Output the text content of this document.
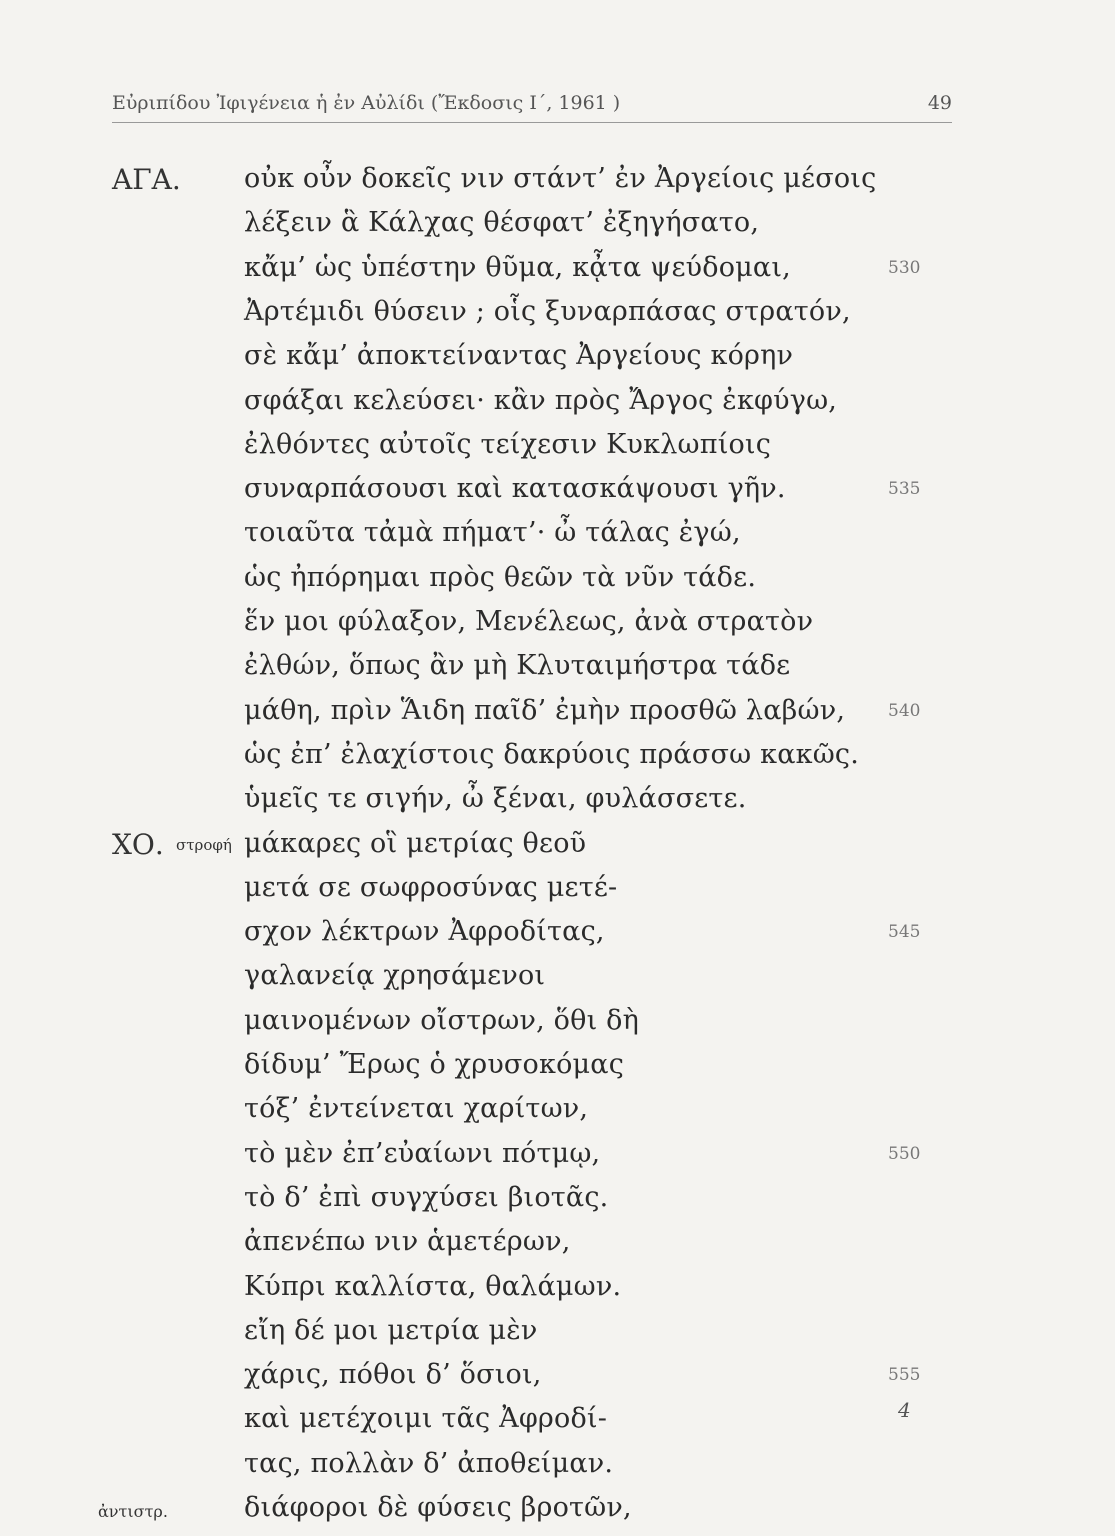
Εὐριπίδου Ἰφιγένεια ἡ ἐν Αὐλίδι (Ἔκδοσις Ι΄, 1961 )	49
ΑΓΑ. οὐκ οὖν δοκεῖς νιν στάντ’ ἐν Ἀργείοις μέσοις
λέξειν ἃ Κάλχας θέσφατ’ ἐξηγήσατο,
κἄμ’ ὡς ὑπέστην θῦμα, κᾆτα ψεύδομαι,	530
Ἀρτέμιδι θύσειν ; οἷς ξυναρπάσας στρατόν,
σὲ κἄμ’ ἀποκτείναντας Ἀργείους κόρην
σφάξαι κελεύσει· κἂν πρὸς Ἄργος ἐκφύγω,
ἐλθόντες αὐτοῖς τείχεσιν Κυκλωπίοις
συναρπάσουσι καὶ κατασκάψουσι γῆν.	535
τοιαῦτα τἀμὰ πήματ’· ὦ τάλας ἐγώ,
ὡς ἠπόρημαι πρὸς θεῶν τὰ νῦν τάδε.
ἕν μοι φύλαξον, Μενέλεως, ἀνὰ στρατὸν
ἐλθών, ὅπως ἂν μὴ Κλυταιμήστρα τάδε
μάθη, πρὶν Ἅιδη παῖδ’ ἐμὴν προσθῶ λαβών,	540
ὡς ἐπ’ ἐλαχίστοις δακρύοις πράσσω κακῶς.
ὑμεῖς τε σιγήν, ὦ ξέναι, φυλάσσετε.
ΧΟ. στροφή μάκαρες οἳ μετρίας θεοῦ
μετά σε σωφροσύνας μετέ-
σχον λέκτρων Ἀφροδίτας,	545
γαλανείᾳ χρησάμενοι
μαινομένων οἴστρων, ὅθι δὴ
δίδυμ’ Ἔρως ὁ χρυσοκόμας
τόξ’ ἐντείνεται χαρίτων,
τὸ μὲν ἐπ’εὐαίωνι πότμῳ,	550
τὸ δ’ ἐπὶ συγχύσει βιοτᾶς.
ἀπενέπω νιν ἁμετέρων,
Κύπρι καλλίστα, θαλάμων.
εἴη δέ μοι μετρία μὲν
χάρις, πόθοι δ’ ὅσιοι,	555
καὶ μετέχοιμι τᾶς Ἀφροδί-
τας, πολλὰν δ’ ἀποθείμαν.
ἀντιστρ.	διάφοροι δὲ φύσεις βροτῶν,
4
